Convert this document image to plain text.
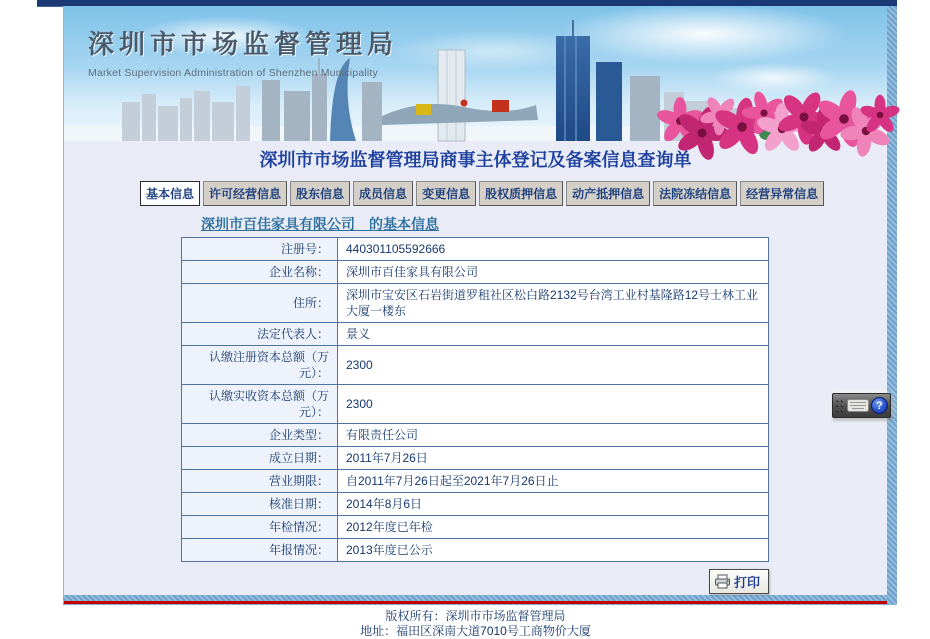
深圳市市场监督管理局
Market Supervision Administration of Shenzhen Municipality
深圳市市场监督管理局商事主体登记及备案信息查询单
基本信息	许可经营信息	股东信息	成员信息	变更信息	股权质押信息	动产抵押信息	法院冻结信息	经营异常信息
深圳市百佳家具有限公司　的基本信息
注册号：	440301105592666
企业名称：	深圳市百佳家具有限公司
住所：	深圳市宝安区石岩街道罗租社区松白路2132号台湾工业村基隆路12号士林工业大厦一楼东
法定代表人：	景义
认缴注册资本总额（万元）：	2300
认缴实收资本总额（万元）：	2300
企业类型：	有限责任公司
成立日期：	2011年7月26日
营业期限：	自2011年7月26日起至2021年7月26日止
核准日期：	2014年8月6日
年检情况：	2012年度已年检
年报情况：	2013年度已公示
打印
版权所有：深圳市市场监督管理局
地址：福田区深南大道7010号工商物价大厦
?
